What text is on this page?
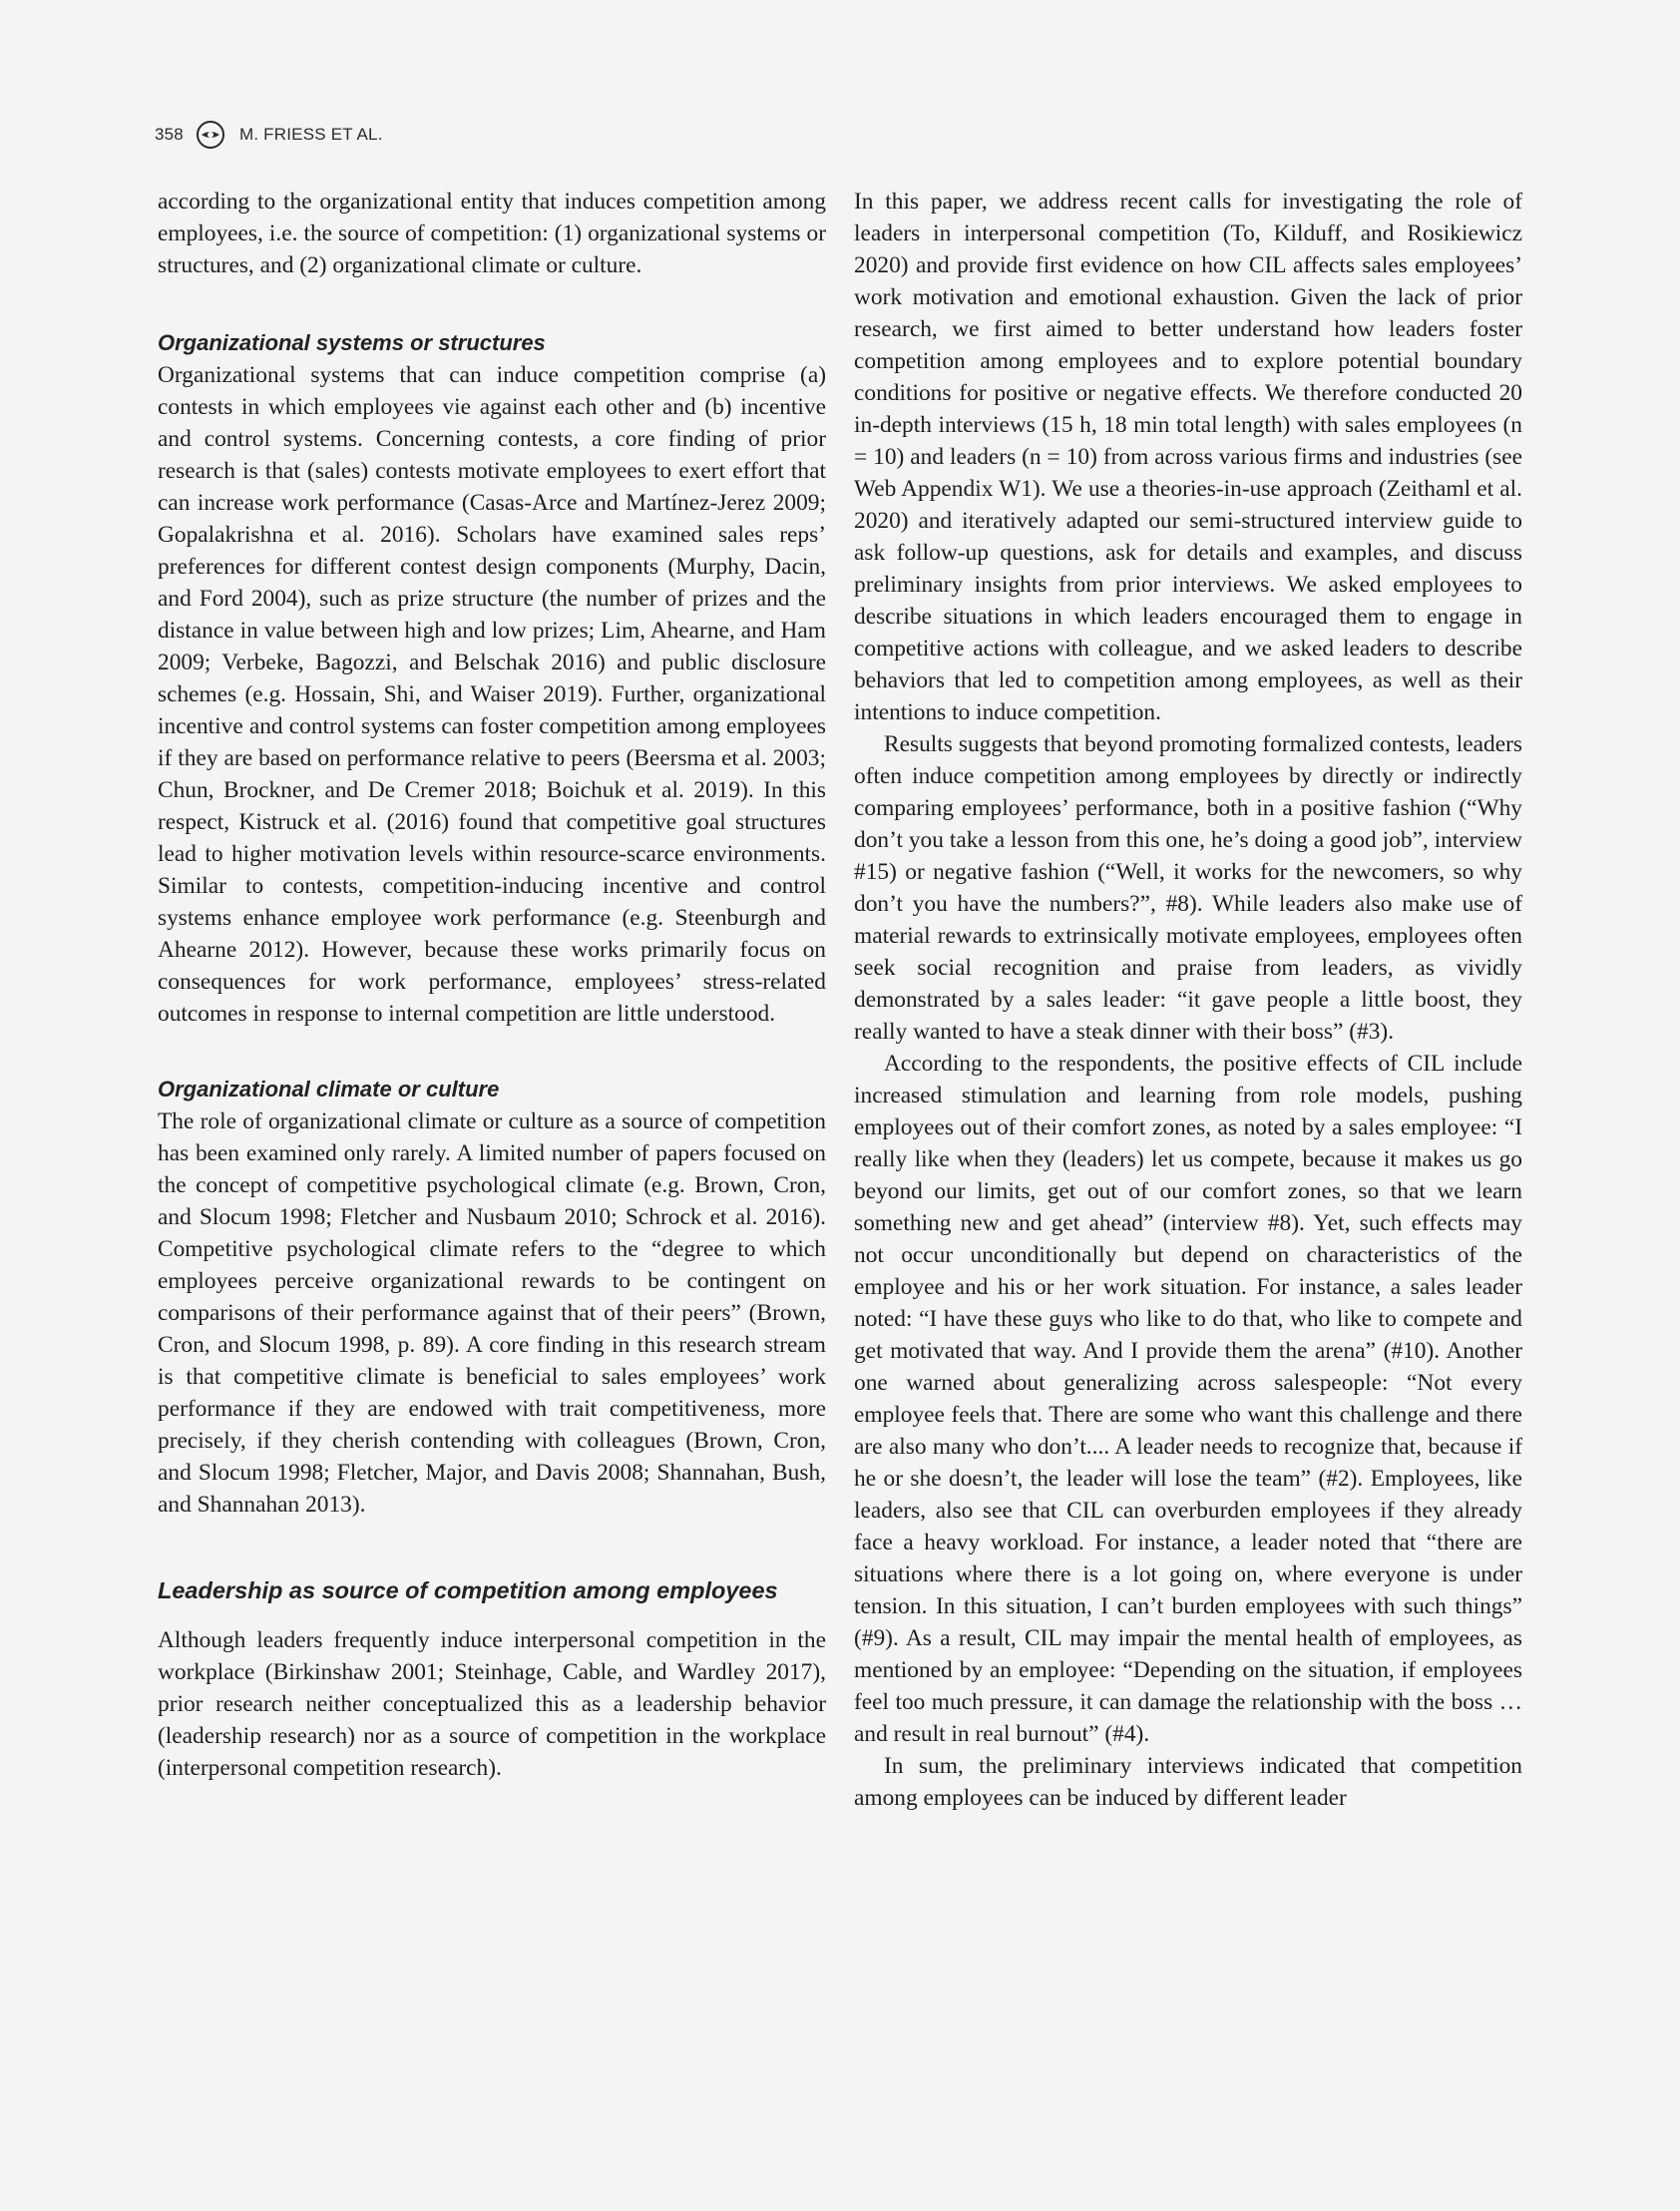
358	M. FRIESS ET AL.

according to the organizational entity that induces competition among employees, i.e. the source of competition: (1) organizational systems or structures, and (2) organizational climate or culture.

Organizational systems or structures

Organizational systems that can induce competition comprise (a) contests in which employees vie against each other and (b) incentive and control systems. Concerning contests, a core finding of prior research is that (sales) contests motivate employees to exert effort that can increase work performance (Casas-Arce and Martínez-Jerez 2009; Gopalakrishna et al. 2016). Scholars have examined sales reps’ preferences for different contest design components (Murphy, Dacin, and Ford 2004), such as prize structure (the number of prizes and the distance in value between high and low prizes; Lim, Ahearne, and Ham 2009; Verbeke, Bagozzi, and Belschak 2016) and public disclosure schemes (e.g. Hossain, Shi, and Waiser 2019). Further, organizational incentive and control systems can foster competition among employees if they are based on performance relative to peers (Beersma et al. 2003; Chun, Brockner, and De Cremer 2018; Boichuk et al. 2019). In this respect, Kistruck et al. (2016) found that competitive goal structures lead to higher motivation levels within resource-scarce environments. Similar to contests, competition-inducing incentive and control systems enhance employee work performance (e.g. Steenburgh and Ahearne 2012). However, because these works primarily focus on consequences for work performance, employees’ stress-related outcomes in response to internal competition are little understood.

Organizational climate or culture

The role of organizational climate or culture as a source of competition has been examined only rarely. A limited number of papers focused on the concept of competitive psychological climate (e.g. Brown, Cron, and Slocum 1998; Fletcher and Nusbaum 2010; Schrock et al. 2016). Competitive psychological climate refers to the “degree to which employees perceive organizational rewards to be contingent on comparisons of their performance against that of their peers” (Brown, Cron, and Slocum 1998, p. 89). A core finding in this research stream is that competitive climate is beneficial to sales employees’ work performance if they are endowed with trait competitiveness, more precisely, if they cherish contending with colleagues (Brown, Cron, and Slocum 1998; Fletcher, Major, and Davis 2008; Shannahan, Bush, and Shannahan 2013).

Leadership as source of competition among employees

Although leaders frequently induce interpersonal competition in the workplace (Birkinshaw 2001; Steinhage, Cable, and Wardley 2017), prior research neither conceptualized this as a leadership behavior (leadership research) nor as a source of competition in the workplace (interpersonal competition research).

In this paper, we address recent calls for investigating the role of leaders in interpersonal competition (To, Kilduff, and Rosikiewicz 2020) and provide first evidence on how CIL affects sales employees’ work motivation and emotional exhaustion. Given the lack of prior research, we first aimed to better understand how leaders foster competition among employees and to explore potential boundary conditions for positive or negative effects. We therefore conducted 20 in-depth interviews (15 h, 18 min total length) with sales employees (n = 10) and leaders (n = 10) from across various firms and industries (see Web Appendix W1). We use a theories-in-use approach (Zeithaml et al. 2020) and iteratively adapted our semi-structured interview guide to ask follow-up questions, ask for details and examples, and discuss preliminary insights from prior interviews. We asked employees to describe situations in which leaders encouraged them to engage in competitive actions with colleague, and we asked leaders to describe behaviors that led to competition among employees, as well as their intentions to induce competition.

Results suggests that beyond promoting formalized contests, leaders often induce competition among employees by directly or indirectly comparing employees’ performance, both in a positive fashion (“Why don’t you take a lesson from this one, he’s doing a good job”, interview #15) or negative fashion (“Well, it works for the newcomers, so why don’t you have the numbers?”, #8). While leaders also make use of material rewards to extrinsically motivate employees, employees often seek social recognition and praise from leaders, as vividly demonstrated by a sales leader: “it gave people a little boost, they really wanted to have a steak dinner with their boss” (#3).

According to the respondents, the positive effects of CIL include increased stimulation and learning from role models, pushing employees out of their comfort zones, as noted by a sales employee: “I really like when they (leaders) let us compete, because it makes us go beyond our limits, get out of our comfort zones, so that we learn something new and get ahead” (interview #8). Yet, such effects may not occur unconditionally but depend on characteristics of the employee and his or her work situation. For instance, a sales leader noted: “I have these guys who like to do that, who like to compete and get motivated that way. And I provide them the arena” (#10). Another one warned about generalizing across salespeople: “Not every employee feels that. There are some who want this challenge and there are also many who don’t.... A leader needs to recognize that, because if he or she doesn’t, the leader will lose the team” (#2). Employees, like leaders, also see that CIL can overburden employees if they already face a heavy workload. For instance, a leader noted that “there are situations where there is a lot going on, where everyone is under tension. In this situation, I can’t burden employees with such things” (#9). As a result, CIL may impair the mental health of employees, as mentioned by an employee: “Depending on the situation, if employees feel too much pressure, it can damage the relationship with the boss … and result in real burnout” (#4).

In sum, the preliminary interviews indicated that competition among employees can be induced by different leader
